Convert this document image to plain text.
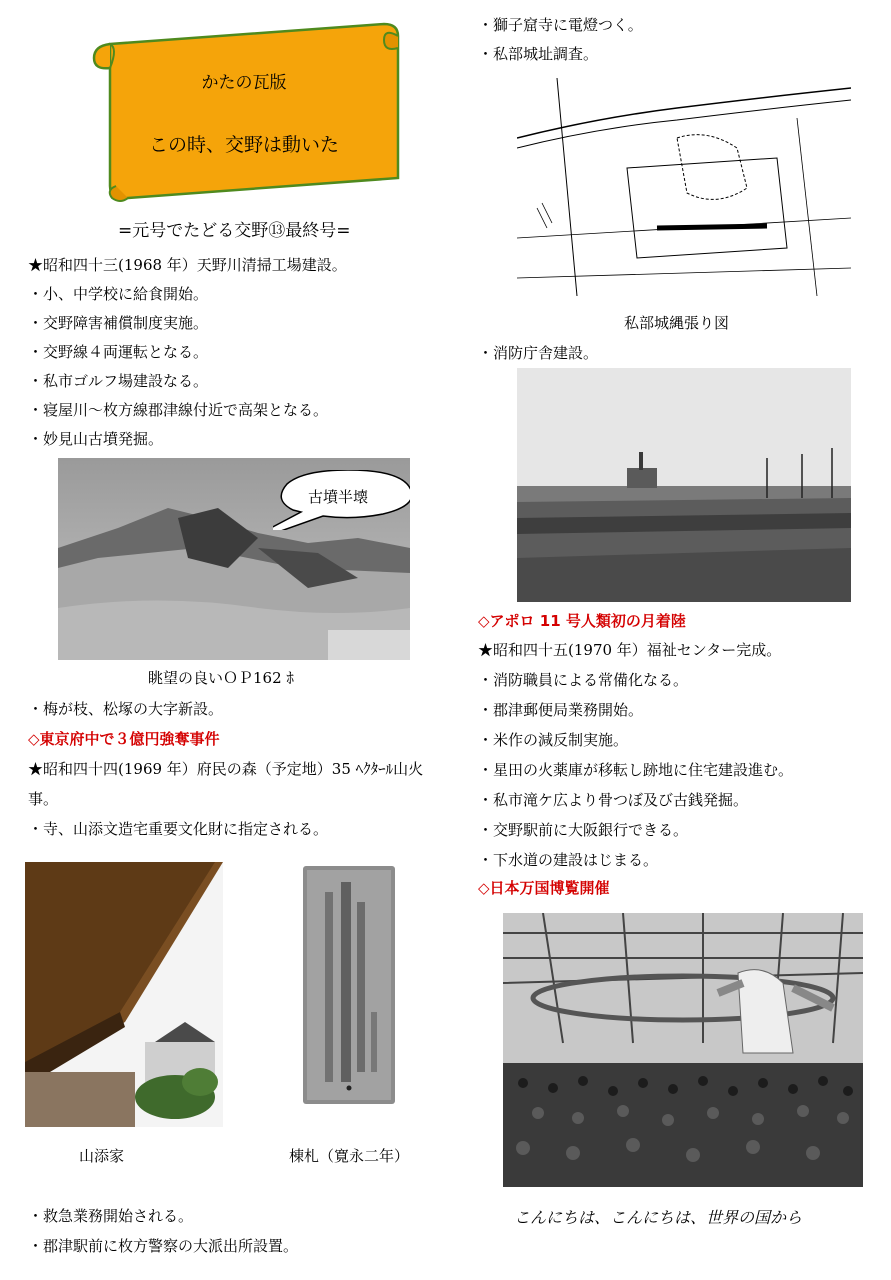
かたの瓦版
この時、交野は動いた
=元号でたどる交野⑬最終号=
★昭和四十三(1968 年）天野川清掃工場建設。
・小、中学校に給食開始。
・交野障害補償制度実施。
・交野線４両運転となる。
・私市ゴルフ場建設なる。
・寝屋川～枚方線郡津線付近で高架となる。
・妙見山古墳発掘。
古墳半壊
眺望の良いＯＰ162 ﾎ
・梅が枝、松塚の大字新設。
◇東京府中で３億円強奪事件
★昭和四十四(1969 年）府民の森（予定地）35 ﾍｸﾀｰﾙ山火
事。
・寺、山添文造宅重要文化財に指定される。
山添家	棟札（寛永二年）
・救急業務開始される。
・郡津駅前に枚方警察の大派出所設置。
・獅子窟寺に電燈つく。
・私部城址調査。
私部城縄張り図
・消防庁舎建設。
◇アポロ 11 号人類初の月着陸
★昭和四十五(1970 年）福祉センター完成。
・消防職員による常備化なる。
・郡津郵便局業務開始。
・米作の減反制実施。
・星田の火薬庫が移転し跡地に住宅建設進む。
・私市滝ケ広より骨つぼ及び古銭発掘。
・交野駅前に大阪銀行できる。
・下水道の建設はじまる。
◇日本万国博覧開催
こんにちは、こんにちは、世界の国から
